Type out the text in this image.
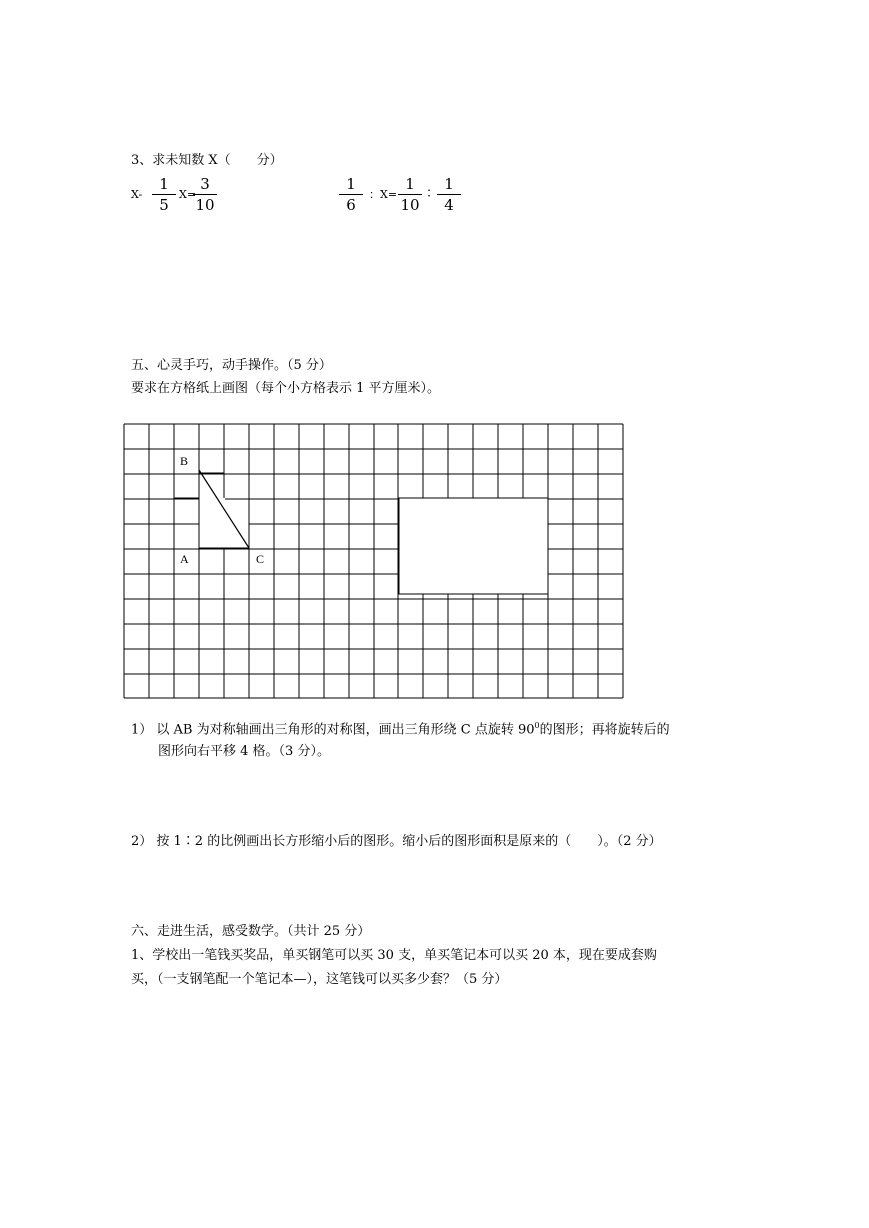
3、求未知数 X（　　分）
X-
1
5
X=
3
10
1
6
：X=
1
10
：
1
4
五、心灵手巧，动手操作。（5 分）
要求在方格纸上画图（每个小方格表示 1 平方厘米）。
B
A	C
1） 以 AB 为对称轴画出三角形的对称图，画出三角形绕 C 点旋转 $90^0$的图形；再将旋转后的
图形向右平移 4 格。（3 分）。
2） 按 1∶2 的比例画出长方形缩小后的图形。缩小后的图形面积是原来的（　　）。（2 分）
六、走进生活，感受数学。（共计 25 分）
1、学校出一笔钱买奖品，单买钢笔可以买 30 支，单买笔记本可以买 20 本，现在要成套购
买，（一支钢笔配一个笔记本—），这笔钱可以买多少套？（5 分）
